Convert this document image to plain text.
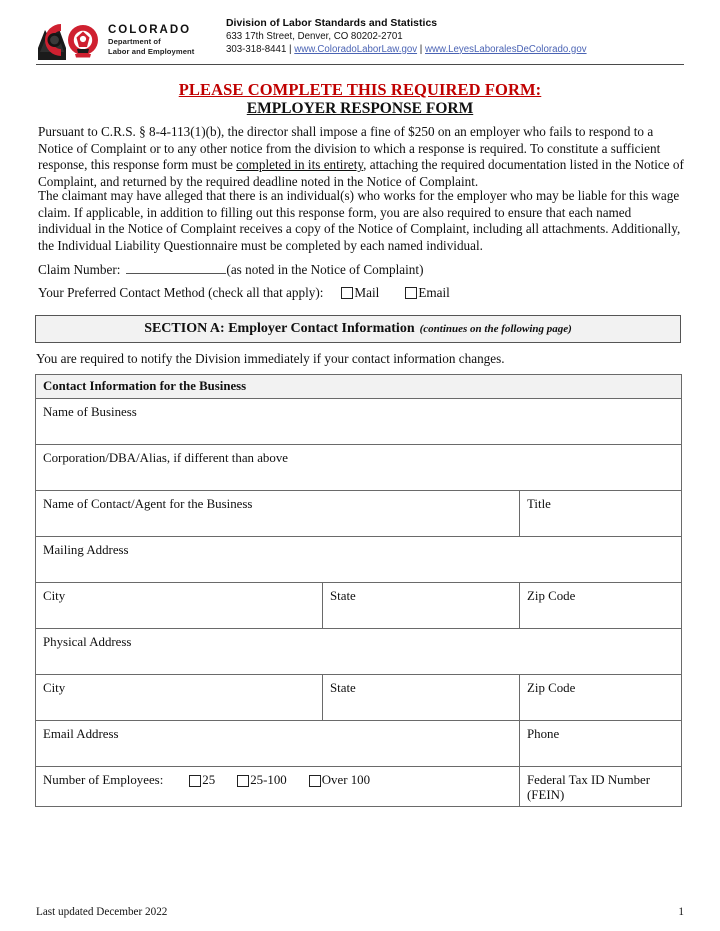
COLORADO
Department of
Labor and Employment
Division of Labor Standards and Statistics
633 17th Street, Denver, CO 80202-2701
303-318-8441 | www.ColoradoLaborLaw.gov | www.LeyesLaboralesDeColorado.gov
PLEASE COMPLETE THIS REQUIRED FORM:
EMPLOYER RESPONSE FORM
Pursuant to C.R.S. § 8-4-113(1)(b), the director shall impose a fine of $250 on an employer who fails to respond to a Notice of Complaint or to any other notice from the division to which a response is required. To constitute a sufficient response, this response form must be completed in its entirety, attaching the required documentation listed in the Notice of Complaint, and returned by the required deadline noted in the Notice of Complaint.
The claimant may have alleged that there is an individual(s) who works for the employer who may be liable for this wage claim. If applicable, in addition to filling out this response form, you are also required to ensure that each named individual in the Notice of Complaint receives a copy of the Notice of Complaint, including all attachments. Additionally, the Individual Liability Questionnaire must be completed by each named individual.
Claim Number:	(as noted in the Notice of Complaint)
Your Preferred Contact Method (check all that apply): Mail	Email
SECTION A: Employer Contact Information (continues on the following page)
You are required to notify the Division immediately if your contact information changes.
Contact Information for the Business		
Name of Business		
Corporation/DBA/Alias, if different than above		
Name of Contact/Agent for the Business		Title
Mailing Address		
City	State	Zip Code
Physical Address		
City	State	Zip Code
Email Address		Phone

Number of Employees: 25 25-100 Over 100		Federal Tax ID Number (FEIN)
Last updated December 2022	1
